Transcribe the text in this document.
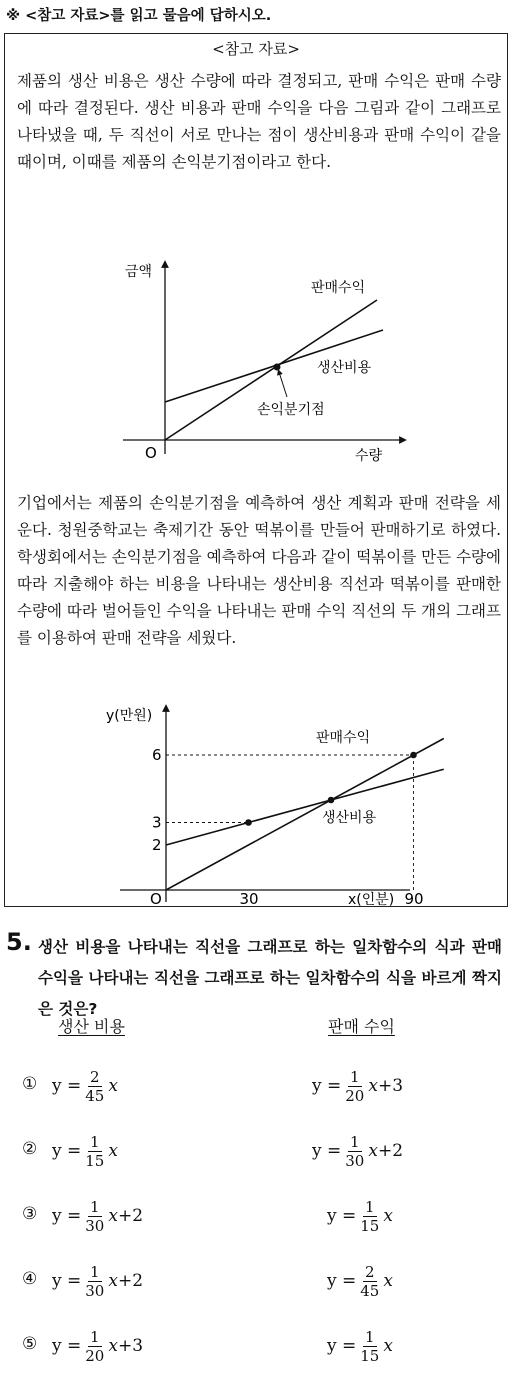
※ <참고 자료>를 읽고 물음에 답하시오.
<참고 자료>

제품의 생산 비용은 생산 수량에 따라 결정되고, 판매 수익은 판매 수량에 따라 결정된다. 생산 비용과 판매 수익을 다음 그림과 같이 그래프로 나타냈을 때, 두 직선이 서로 만나는 점이 생산비용과 판매 수익이 같을 때이며, 이때를 제품의 손익분기점이라고 한다.

금액
O	수량
판매수익
생산비용
손익분기점

기업에서는 제품의 손익분기점을 예측하여 생산 계획과 판매 전략을 세운다. 청원중학교는 축제기간 동안 떡볶이를 만들어 판매하기로 하였다. 학생회에서는 손익분기점을 예측하여 다음과 같이 떡볶이를 만든 수량에 따라 지출해야 하는 비용을 나타내는 생산비용 직선과 떡볶이를 판매한 수량에 따라 벌어들인 수익을 나타내는 판매 수익 직선의 두 개의 그래프를 이용하여 판매 전략을 세웠다.

6
3
2
30	90
y(만원)
O	x(인분)
판매수익
생산비용
5. 생산 비용을 나타내는 직선을 그래프로 하는 일차함수의 식과 판매 수익을 나타내는 직선을 그래프로 하는 일차함수의 식을 바르게 짝지은 것은?

생산 비용	판매 수익
① $y = \frac{2}{45}$ x	$y = \frac{1}{20}$ x +3
② $y = \frac{1}{15}$ x	$y = \frac{1}{30}$ x +2
③ $y = \frac{1}{30}$ x +2	$y = \frac{1}{15}$ x
④ $y = \frac{1}{30}$ x +2	$y = \frac{2}{45}$ x
⑤ $y = \frac{1}{20}$ x +3	$y = \frac{1}{15}$ x
